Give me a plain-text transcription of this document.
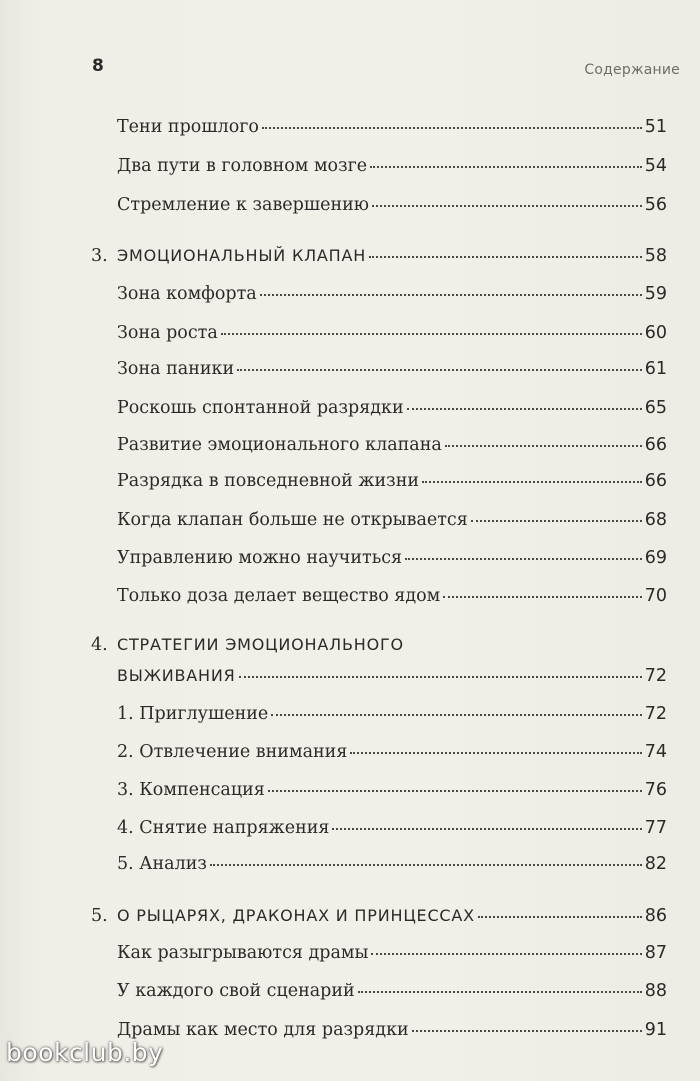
8	Содержание
Тени прошлого	51
Два пути в головном мозге	54
Стремление к завершению	56
3. ЭМОЦИОНАЛЬНЫЙ КЛАПАН	58
Зона комфорта	59
Зона роста	60
Зона паники	61
Роскошь спонтанной разрядки	65
Развитие эмоционального клапана	66
Разрядка в повседневной жизни	66
Когда клапан больше не открывается	68
Управлению можно научиться	69
Только доза делает вещество ядом	70
4. СТРАТЕГИИ ЭМОЦИОНАЛЬНОГО
ВЫЖИВАНИЯ	72
1. Приглушение	72
2. Отвлечение внимания	74
3. Компенсация	76
4. Снятие напряжения	77
5. Анализ	82
5. О РЫЦАРЯХ, ДРАКОНАХ И ПРИНЦЕССАХ	86
Как разыгрываются драмы	87
У каждого свой сценарий	88
Драмы как место для разрядки	91
bookclub.by
